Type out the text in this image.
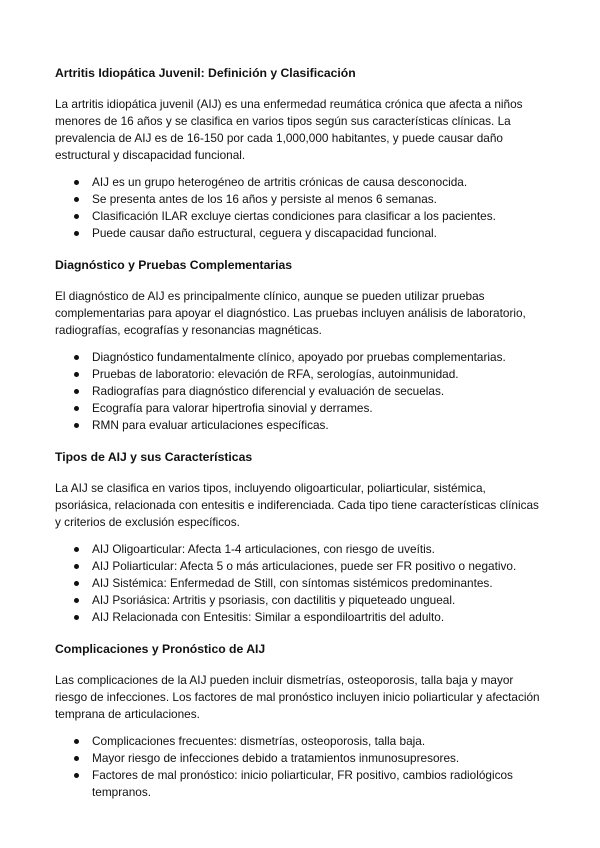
Artritis Idiopática Juvenil: Definición y Clasificación

La artritis idiopática juvenil (AIJ) es una enfermedad reumática crónica que afecta a niños menores de 16 años y se clasifica en varios tipos según sus características clínicas. La prevalencia de AIJ es de 16-150 por cada 1,000,000 habitantes, y puede causar daño estructural y discapacidad funcional.

AIJ es un grupo heterogéneo de artritis crónicas de causa desconocida.
Se presenta antes de los 16 años y persiste al menos 6 semanas.
Clasificación ILAR excluye ciertas condiciones para clasificar a los pacientes.
Puede causar daño estructural, ceguera y discapacidad funcional.
Diagnóstico y Pruebas Complementarias

El diagnóstico de AIJ es principalmente clínico, aunque se pueden utilizar pruebas complementarias para apoyar el diagnóstico. Las pruebas incluyen análisis de laboratorio, radiografías, ecografías y resonancias magnéticas.

Diagnóstico fundamentalmente clínico, apoyado por pruebas complementarias.
Pruebas de laboratorio: elevación de RFA, serologías, autoinmunidad.
Radiografías para diagnóstico diferencial y evaluación de secuelas.
Ecografía para valorar hipertrofia sinovial y derrames.
RMN para evaluar articulaciones específicas.
Tipos de AIJ y sus Características

La AIJ se clasifica en varios tipos, incluyendo oligoarticular, poliarticular, sistémica, psoriásica, relacionada con entesitis e indiferenciada. Cada tipo tiene características clínicas y criterios de exclusión específicos.

AIJ Oligoarticular: Afecta 1-4 articulaciones, con riesgo de uveítis.
AIJ Poliarticular: Afecta 5 o más articulaciones, puede ser FR positivo o negativo.
AIJ Sistémica: Enfermedad de Still, con síntomas sistémicos predominantes.
AIJ Psoriásica: Artritis y psoriasis, con dactilitis y piqueteado ungueal.
AIJ Relacionada con Entesitis: Similar a espondiloartritis del adulto.
Complicaciones y Pronóstico de AIJ

Las complicaciones de la AIJ pueden incluir dismetrías, osteoporosis, talla baja y mayor riesgo de infecciones. Los factores de mal pronóstico incluyen inicio poliarticular y afectación temprana de articulaciones.

Complicaciones frecuentes: dismetrías, osteoporosis, talla baja.
Mayor riesgo de infecciones debido a tratamientos inmunosupresores.
Factores de mal pronóstico: inicio poliarticular, FR positivo, cambios radiológicos tempranos.
